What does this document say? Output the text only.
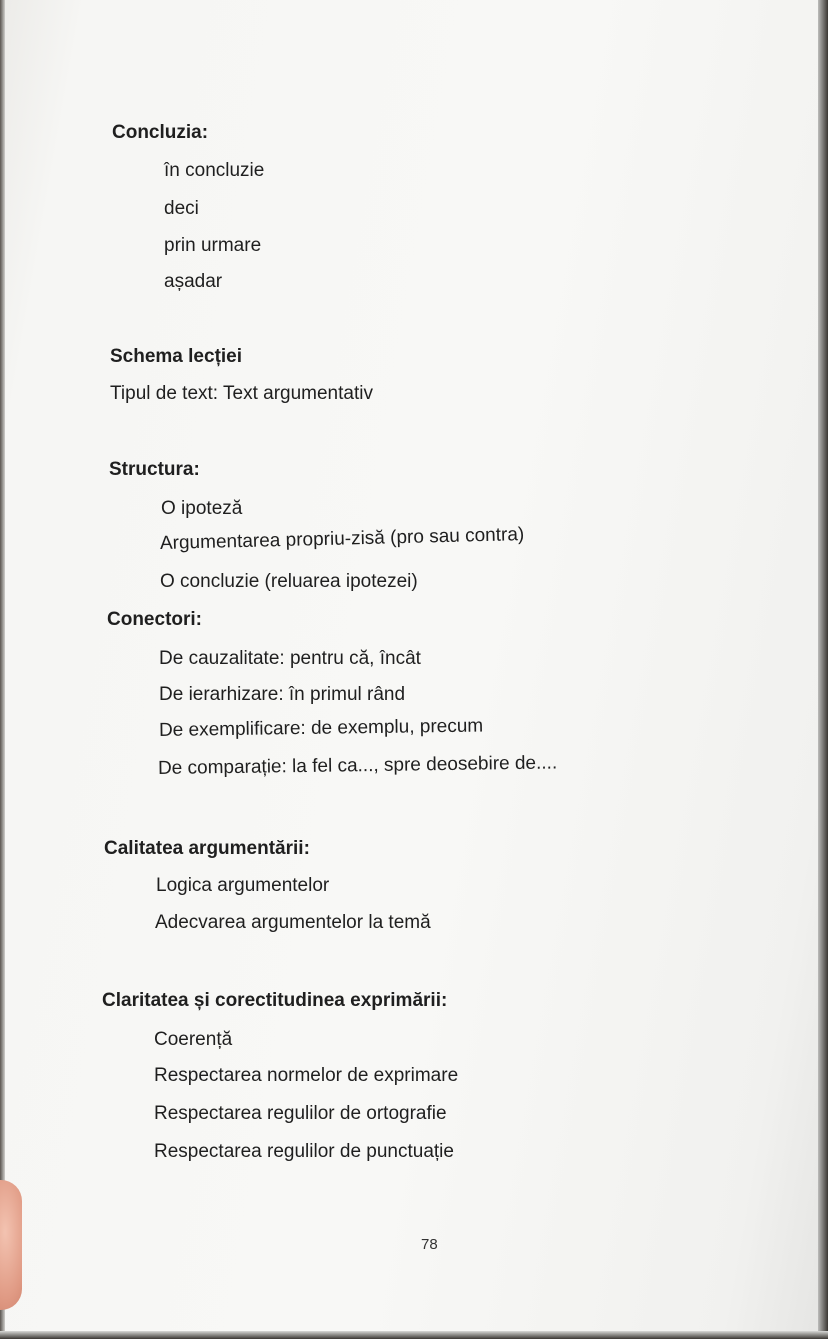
Concluzia:
în concluzie
deci
prin urmare
așadar
Schema lecției
Tipul de text: Text argumentativ
Structura:
O ipoteză
Argumentarea propriu-zisă (pro sau contra)
O concluzie (reluarea ipotezei)
Conectori:
De cauzalitate: pentru că, încât
De ierarhizare: în primul rând
De exemplificare: de exemplu, precum
De comparație: la fel ca..., spre deosebire de....
Calitatea argumentării:
Logica argumentelor
Adecvarea argumentelor la temă
Claritatea și corectitudinea exprimării:
Coerență
Respectarea normelor de exprimare
Respectarea regulilor de ortografie
Respectarea regulilor de punctuație
78
